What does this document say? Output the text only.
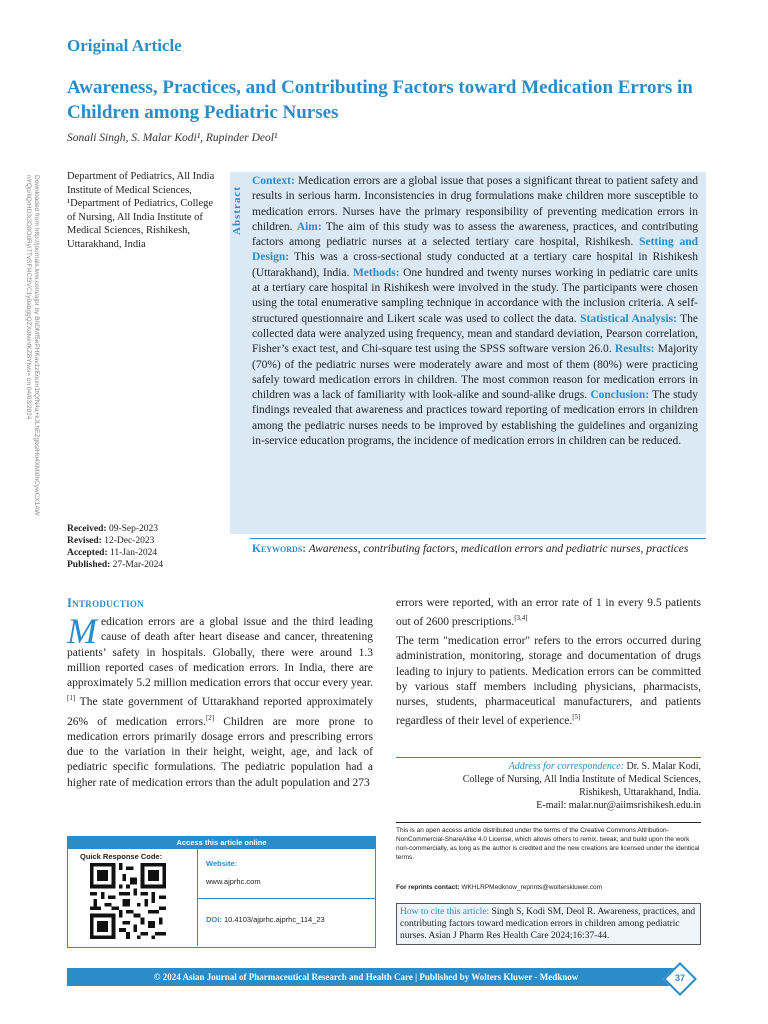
Original Article
Awareness, Practices, and Contributing Factors toward Medication Errors in Children among Pediatric Nurses
Sonali Singh, S. Malar Kodi¹, Rupinder Deol¹
Department of Pediatrics, All India Institute of Medical Sciences, ¹Department of Pediatrics, College of Nursing, All India Institute of Medical Sciences, Rishikesh, Uttarakhand, India
Downloaded from http://journals.lww.com/ajpr by BhDMf5ePHKav1zEoum1tQfN4a+kJLhEZgbsIHo4XMi0hCywCX1AW nYQp/IlQrHD3i3D0OdRyi7TvSFl4Cf3VC1y0abggQZXdtwnfKZBYtws= on 04/03/2024
Received: 09-Sep-2023
Revised: 12-Dec-2023
Accepted: 11-Jan-2024
Published: 27-Mar-2024
Abstract
Context: Medication errors are a global issue that poses a significant threat to patient safety and results in serious harm. Inconsistencies in drug formulations make children more susceptible to medication errors. Nurses have the primary responsibility of preventing medication errors in children. Aim: The aim of this study was to assess the awareness, practices, and contributing factors among pediatric nurses at a selected tertiary care hospital, Rishikesh. Setting and Design: This was a cross-sectional study conducted at a tertiary care hospital in Rishikesh (Uttarakhand), India. Methods: One hundred and twenty nurses working in pediatric care units at a tertiary care hospital in Rishikesh were involved in the study. The participants were chosen using the total enumerative sampling technique in accordance with the inclusion criteria. A self-structured questionnaire and Likert scale was used to collect the data. Statistical Analysis: The collected data were analyzed using frequency, mean and standard deviation, Pearson correlation, Fisher’s exact test, and Chi-square test using the SPSS software version 26.0. Results: Majority (70%) of the pediatric nurses were moderately aware and most of them (80%) were practicing safely toward medication errors in children. The most common reason for medication errors in children was a lack of familiarity with look-alike and sound-alike drugs. Conclusion: The study findings revealed that awareness and practices toward reporting of medication errors in children among the pediatric nurses needs to be improved by establishing the guidelines and organizing in-service education programs, the incidence of medication errors in children can be reduced.
Keywords: Awareness, contributing factors, medication errors and pediatric nurses, practices
Introduction
Medication errors are a global issue and the third leading cause of death after heart disease and cancer, threatening patients’ safety in hospitals. Globally, there were around 1.3 million reported cases of medication errors. In India, there are approximately 5.2 million medication errors that occur every year.[1] The state government of Uttarakhand reported approximately 26% of medication errors.[2] Children are more prone to medication errors primarily dosage errors and prescribing errors due to the variation in their height, weight, age, and lack of pediatric specific formulations. The pediatric population had a higher rate of medication errors than the adult population and 273
errors were reported, with an error rate of 1 in every 9.5 patients out of 2600 prescriptions.[3,4]
The term "medication error" refers to the errors occurred during administration, monitoring, storage and documentation of drugs leading to injury to patients. Medication errors can be committed by various staff members including physicians, pharmacists, nurses, students, pharmaceutical manufacturers, and patients regardless of their level of experience.[5]
Address for correspondence: Dr. S. Malar Kodi,
College of Nursing, All India Institute of Medical Sciences,
Rishikesh, Uttarakhand, India.
E-mail: malar.nur@aiimsrishikesh.edu.in
This is an open access article distributed under the terms of the Creative Commons Attribution-NonCommercial-ShareAlike 4.0 License, which allows others to remix, tweak, and build upon the work non-commercially, as long as the author is credited and the new creations are licensed under the identical terms.
For reprints contact: WKHLRPMedknow_reprints@wolterskluwer.com
How to cite this article: Singh S, Kodi SM, Deol R. Awareness, practices, and contributing factors toward medication errors in children among pediatric nurses. Asian J Pharm Res Health Care 2024;16:37-44.
Access this article online
Quick Response Code:
Website:
www.ajprhc.com
DOI: 10.4103/ajprhc.ajprhc_114_23
© 2024 Asian Journal of Pharmaceutical Research and Health Care | Published by Wolters Kluwer - Medknow	37
